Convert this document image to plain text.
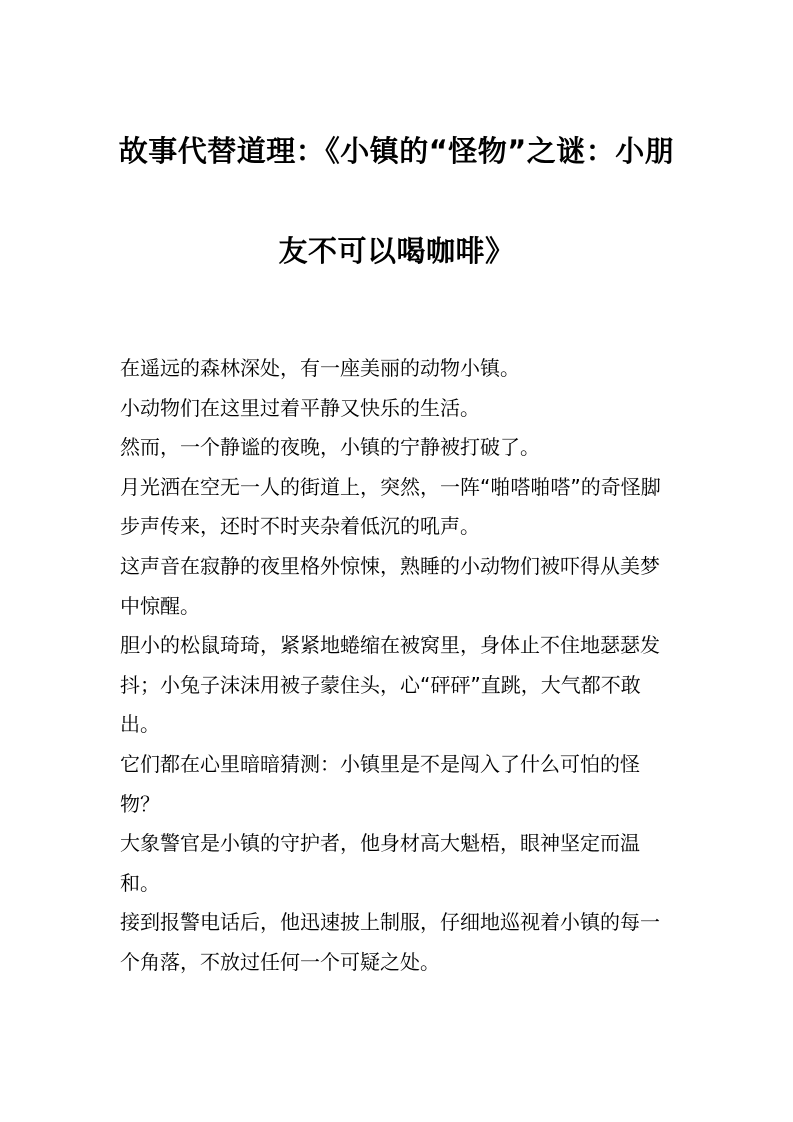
故事代替道理：《小镇的“怪物”之谜：小朋
友不可以喝咖啡》

在遥远的森林深处，有一座美丽的动物小镇。

小动物们在这里过着平静又快乐的生活。

然而，一个静谧的夜晚，小镇的宁静被打破了。

月光洒在空无一人的街道上，突然，一阵“啪嗒啪嗒”的奇怪脚步声传来，还时不时夹杂着低沉的吼声。

这声音在寂静的夜里格外惊悚，熟睡的小动物们被吓得从美梦中惊醒。

胆小的松鼠琦琦，紧紧地蜷缩在被窝里，身体止不住地瑟瑟发抖；小兔子沫沫用被子蒙住头，心“砰砰”直跳，大气都不敢出。

它们都在心里暗暗猜测：小镇里是不是闯入了什么可怕的怪物？

大象警官是小镇的守护者，他身材高大魁梧，眼神坚定而温和。

接到报警电话后，他迅速披上制服，仔细地巡视着小镇的每一个角落，不放过任何一个可疑之处。
